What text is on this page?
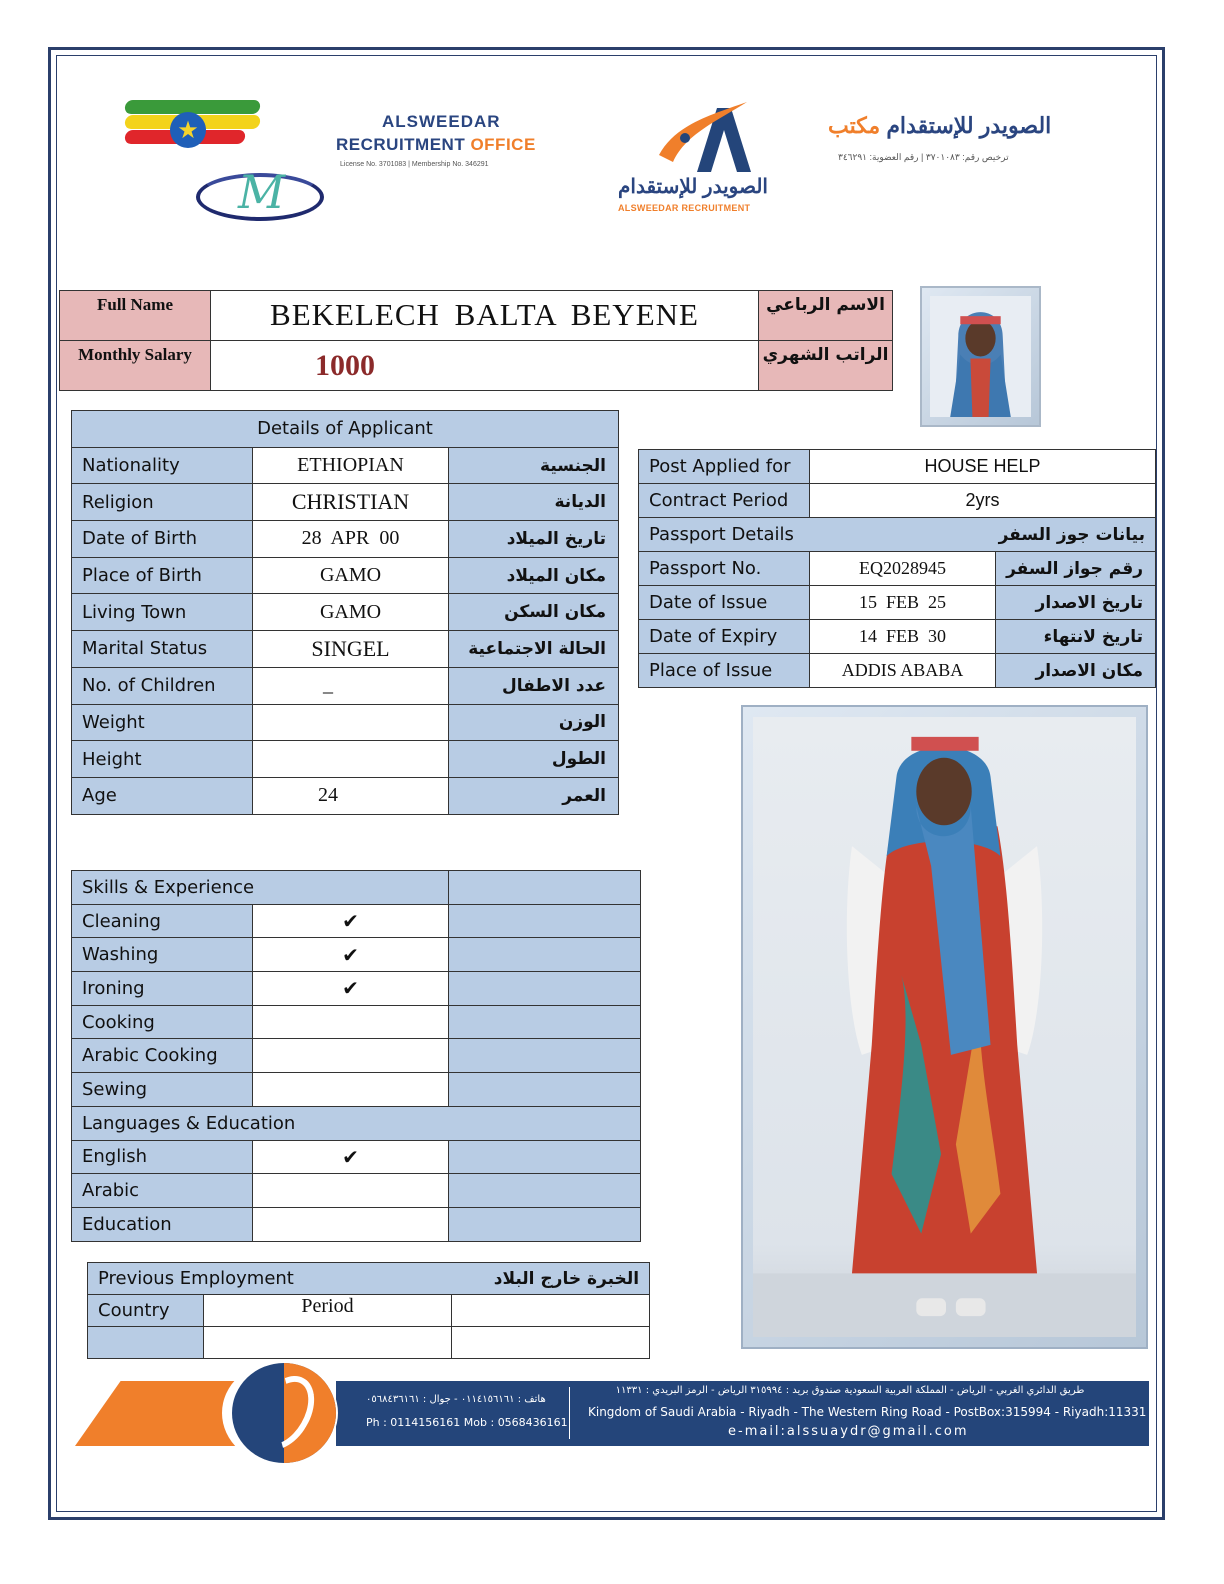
★
M
ALSWEEDAR
RECRUITMENT OFFICE
License No. 3701083 | Membership No. 346291
الصويدر للإستقدام
ALSWEEDAR RECRUITMENT
الصويدر للإستقدام مكتب
ترخيص رقم: ٣٧٠١٠٨٣ | رقم العضوية: ٣٤٦٢٩١
Full Name	BEKELECH BALTA BEYENE	الاسم الرباعي
Monthly Salary	1000	الراتب الشهري
Details of Applicant		
Nationality	ETHIOPIAN	الجنسية
Religion	CHRISTIAN	الديانة
Date of Birth	28  APR  00	تاريخ الميلاد
Place of Birth	GAMO	مكان الميلاد
Living Town	GAMO	مكان السكن
Marital Status	SINGEL	الحالة الاجتماعية
No. of Children	_	عدد الاطفال
Weight		الوزن
Height		الطول
Age	24	العمر
Post Applied for	HOUSE HELP	
Contract Period	2yrs	

Passport Details بيانات جوز السفر		

Passport No.	EQ2028945	رقم جواز السفر
Date of Issue	15  FEB  25	تاريخ الاصدار
Date of Expiry	14  FEB  30	تاريخ لانتهاء
Place of Issue	ADDIS ABABA	مكان الاصدار
Skills & Experience		
Cleaning	✔	
Washing	✔	
Ironing	✔	
Cooking		
Arabic Cooking		
Sewing		
Languages & Education		
English	✔	
Arabic		
Education		
Previous Employment الخبرة خارج البلاد		

Country	Period	

هاتف : ٠١١٤١٥٦١٦١ - جوال : ٠٥٦٨٤٣٦١٦١
Ph : 0114156161 Mob : 0568436161
طريق الدائري الغربي - الرياض - المملكة العربية السعودية صندوق بريد : ٣١٥٩٩٤ الرياض - الرمز البريدي : ١١٣٣١
Kingdom of Saudi Arabia - Riyadh - The Western Ring Road - PostBox:315994 - Riyadh:11331
e-mail:alssuaydr@gmail.com
